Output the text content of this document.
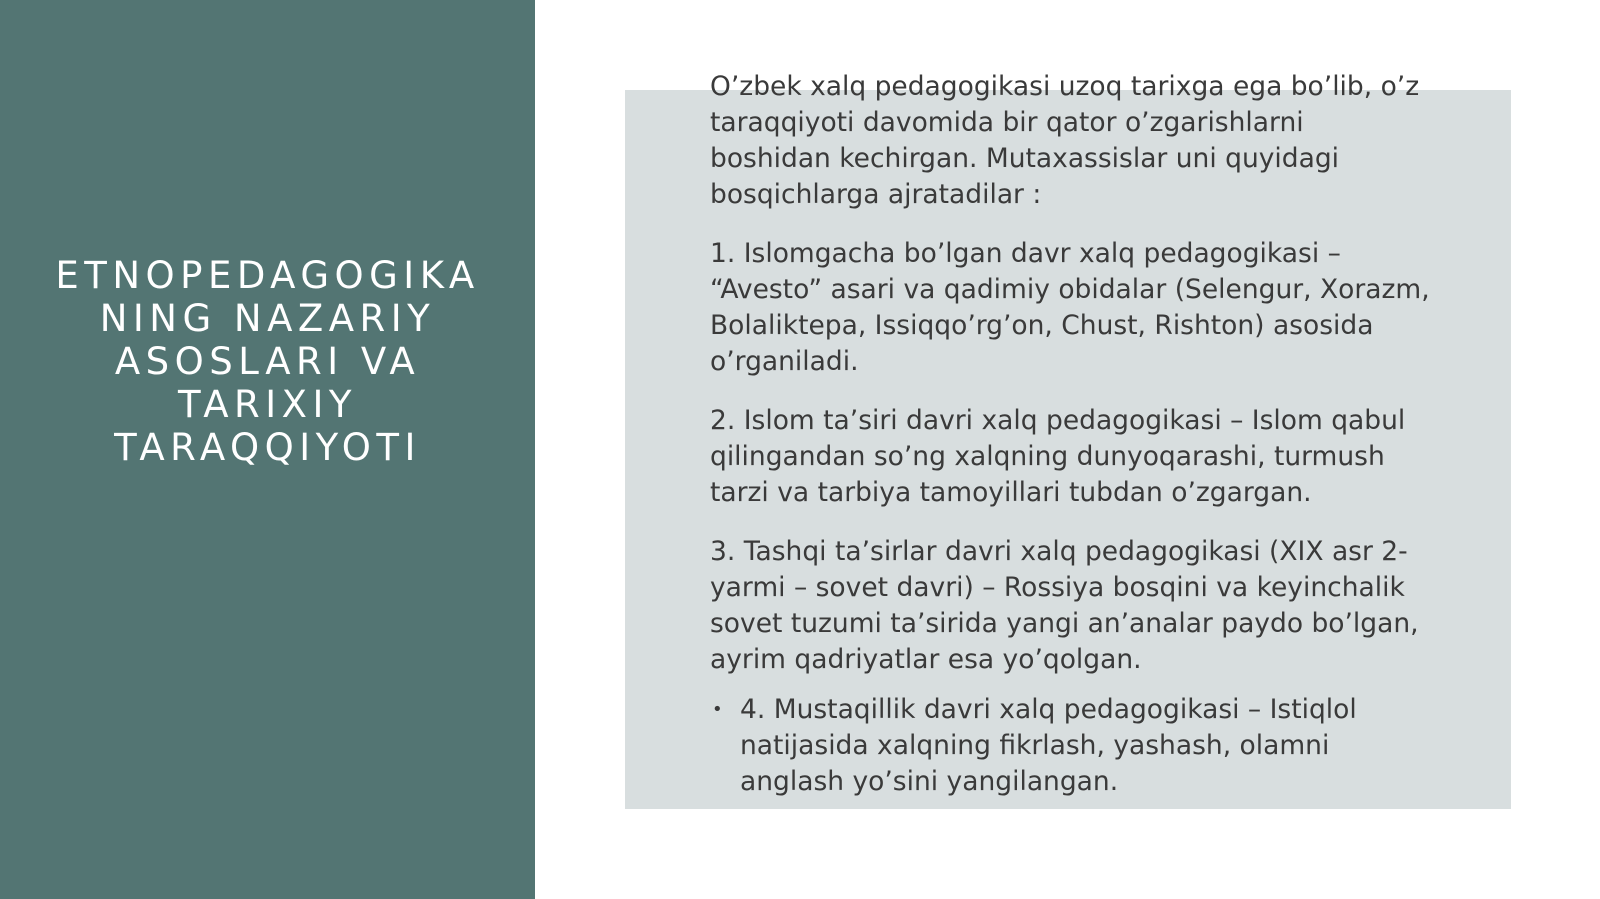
ETNOPEDAGOGIKA NING NAZARIY ASOSLARI VA TARIXIY TARAQQIYOTI

O’zbek xalq pedagogikasi uzoq tarixga ega bo’lib, o’z taraqqiyoti davomida bir qator o’zgarishlarni boshidan kechirgan. Mutaxassislar uni quyidagi bosqichlarga ajratadilar :

1. Islomgacha bo’lgan davr xalq pedagogikasi – “Avesto” asari va qadimiy obidalar (Selengur, Xorazm, Bolaliktepa, Issiqqo’rg’on, Chust, Rishton) asosida o’rganiladi.

2. Islom ta’siri davri xalq pedagogikasi – Islom qabul qilingandan so’ng xalqning dunyoqarashi, turmush tarzi va tarbiya tamoyillari tubdan o’zgargan.

3. Tashqi ta’sirlar davri xalq pedagogikasi (XIX asr 2-yarmi – sovet davri) – Rossiya bosqini va keyinchalik sovet tuzumi ta’sirida yangi an’analar paydo bo’lgan, ayrim qadriyatlar esa yo’qolgan.

• 4. Mustaqillik davri xalq pedagogikasi – Istiqlol natijasida xalqning fikrlash, yashash, olamni anglash yo’sini yangilangan.
